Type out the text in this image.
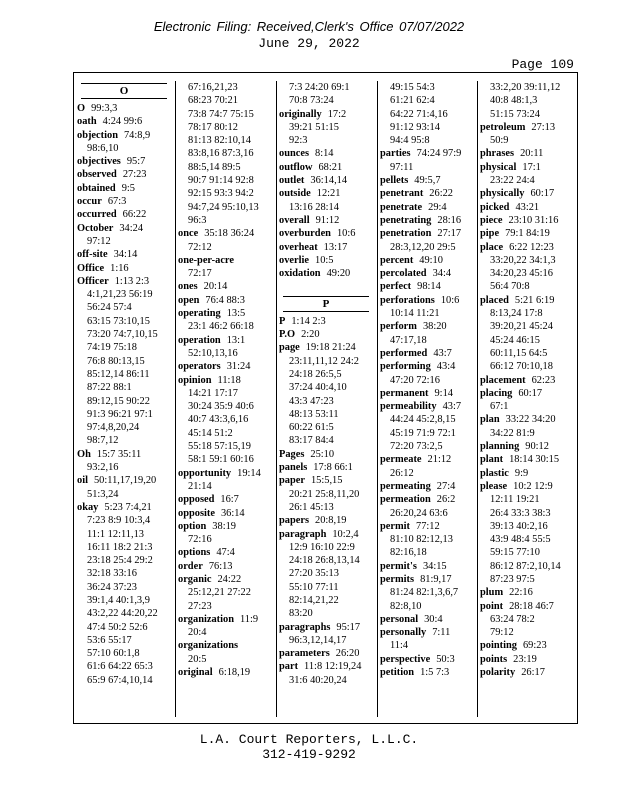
Electronic Filing: Received,Clerk's Office 07/07/2022
June 29, 2022
Page 109
O
O 99:3,3
oath 4:24 99:6
objection 74:8,9
98:6,10
objectives 95:7
observed 27:23
obtained 9:5
occur 67:3
occurred 66:22
October 34:24
97:12
off-site 34:14
Office 1:16
Officer 1:13 2:3
4:1,21,23 56:19
56:24 57:4
63:15 73:10,15
73:20 74:7,10,15
74:19 75:18
76:8 80:13,15
85:12,14 86:11
87:22 88:1
89:12,15 90:22
91:3 96:21 97:1
97:4,8,20,24
98:7,12
Oh 15:7 35:11
93:2,16
oil 50:11,17,19,20
51:3,24
okay 5:23 7:4,21
7:23 8:9 10:3,4
11:1 12:11,13
16:11 18:2 21:3
23:18 25:4 29:2
32:18 33:16
36:24 37:23
39:1,4 40:1,3,9
43:2,22 44:20,22
47:4 50:2 52:6
53:6 55:17
57:10 60:1,8
61:6 64:22 65:3
65:9 67:4,10,14
67:16,21,23
68:23 70:21
73:8 74:7 75:15
78:17 80:12
81:13 82:10,14
83:8,16 87:3,16
88:5,14 89:5
90:7 91:14 92:8
92:15 93:3 94:2
94:7,24 95:10,13
96:3
once 35:18 36:24
72:12
one-per-acre
72:17
ones 20:14
open 76:4 88:3
operating 13:5
23:1 46:2 66:18
operation 13:1
52:10,13,16
operators 31:24
opinion 11:18
14:21 17:17
30:24 35:9 40:6
40:7 43:3,6,16
45:14 51:2
55:18 57:15,19
58:1 59:1 60:16
opportunity 19:14
21:14
opposed 16:7
opposite 36:14
option 38:19
72:16
options 47:4
order 76:13
organic 24:22
25:12,21 27:22
27:23
organization 11:9
20:4
organizations
20:5
original 6:18,19
7:3 24:20 69:1
70:8 73:24
originally 17:2
39:21 51:15
92:3
ounces 8:14
outflow 68:21
outlet 36:14,14
outside 12:21
13:16 28:14
overall 91:12
overburden 10:6
overheat 13:17
overlie 10:5
oxidation 49:20

P
P 1:14 2:3
P.O 2:20
page 19:18 21:24
23:11,11,12 24:2
24:18 26:5,5
37:24 40:4,10
43:3 47:23
48:13 53:11
60:22 61:5
83:17 84:4
Pages 25:10
panels 17:8 66:1
paper 15:5,15
20:21 25:8,11,20
26:1 45:13
papers 20:8,19
paragraph 10:2,4
12:9 16:10 22:9
24:18 26:8,13,14
27:20 35:13
55:10 77:11
82:14,21,22
83:20
paragraphs 95:17
96:3,12,14,17
parameters 26:20
part 11:8 12:19,24
31:6 40:20,24
49:15 54:3
61:21 62:4
64:22 71:4,16
91:12 93:14
94:4 95:8
parties 74:24 97:9
97:11
pellets 49:5,7
penetrant 26:22
penetrate 29:4
penetrating 28:16
penetration 27:17
28:3,12,20 29:5
percent 49:10
percolated 34:4
perfect 98:14
perforations 10:6
10:14 11:21
perform 38:20
47:17,18
performed 43:7
performing 43:4
47:20 72:16
permanent 9:14
permeability 43:7
44:24 45:2,8,15
45:19 71:9 72:1
72:20 73:2,5
permeate 21:12
26:12
permeating 27:4
permeation 26:2
26:20,24 63:6
permit 77:12
81:10 82:12,13
82:16,18
permit's 34:15
permits 81:9,17
81:24 82:1,3,6,7
82:8,10
personal 30:4
personally 7:11
11:4
perspective 50:3
petition 1:5 7:3
33:2,20 39:11,12
40:8 48:1,3
51:15 73:24
petroleum 27:13
50:9
phrases 20:11
physical 17:1
23:22 24:4
physically 60:17
picked 43:21
piece 23:10 31:16
pipe 79:1 84:19
place 6:22 12:23
33:20,22 34:1,3
34:20,23 45:16
56:4 70:8
placed 5:21 6:19
8:13,24 17:8
39:20,21 45:24
45:24 46:15
60:11,15 64:5
66:12 70:10,18
placement 62:23
placing 60:17
67:1
plan 33:22 34:20
34:22 81:9
planning 90:12
plant 18:14 30:15
plastic 9:9
please 10:2 12:9
12:11 19:21
26:4 33:3 38:3
39:13 40:2,16
43:9 48:4 55:5
59:15 77:10
86:12 87:2,10,14
87:23 97:5
plum 22:16
point 28:18 46:7
63:24 78:2
79:12
pointing 69:23
points 23:19
polarity 26:17
L.A. Court Reporters, L.L.C.
312-419-9292
